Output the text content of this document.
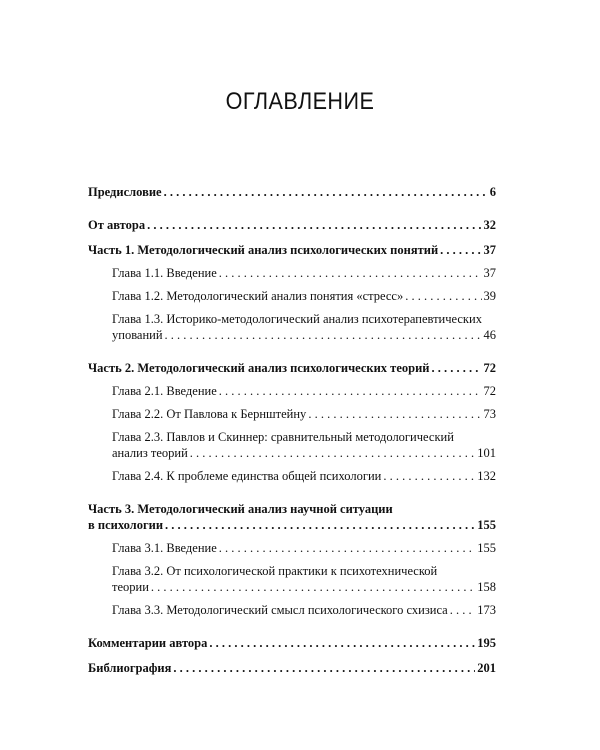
ОГЛАВЛЕНИЕ
Предисловие . . .	6
От автора . . .	32
Часть 1. Методологический анализ психологических понятий . . .	37
Глава 1.1. Введение . . .	37
Глава 1.2. Методологический анализ понятия «стресс» . . .	39
Глава 1.3. Историко-методологический анализ психотерапевтических
упований . . .	46
Часть 2. Методологический анализ психологических теорий . . .	72
Глава 2.1. Введение . . .	72
Глава 2.2. От Павлова к Бернштейну . . .	73
Глава 2.3. Павлов и Скиннер: сравнительный методологический
анализ теорий . . .	101
Глава 2.4. К проблеме единства общей психологии . . .	132
Часть 3. Методологический анализ научной ситуации
в психологии . . .	155
Глава 3.1. Введение . . .	155
Глава 3.2. От психологической практики к психотехнической
теории . . .	158
Глава 3.3. Методологический смысл психологического схизиса . . . 173
Комментарии автора . . .	195
Библиография . . .	201
